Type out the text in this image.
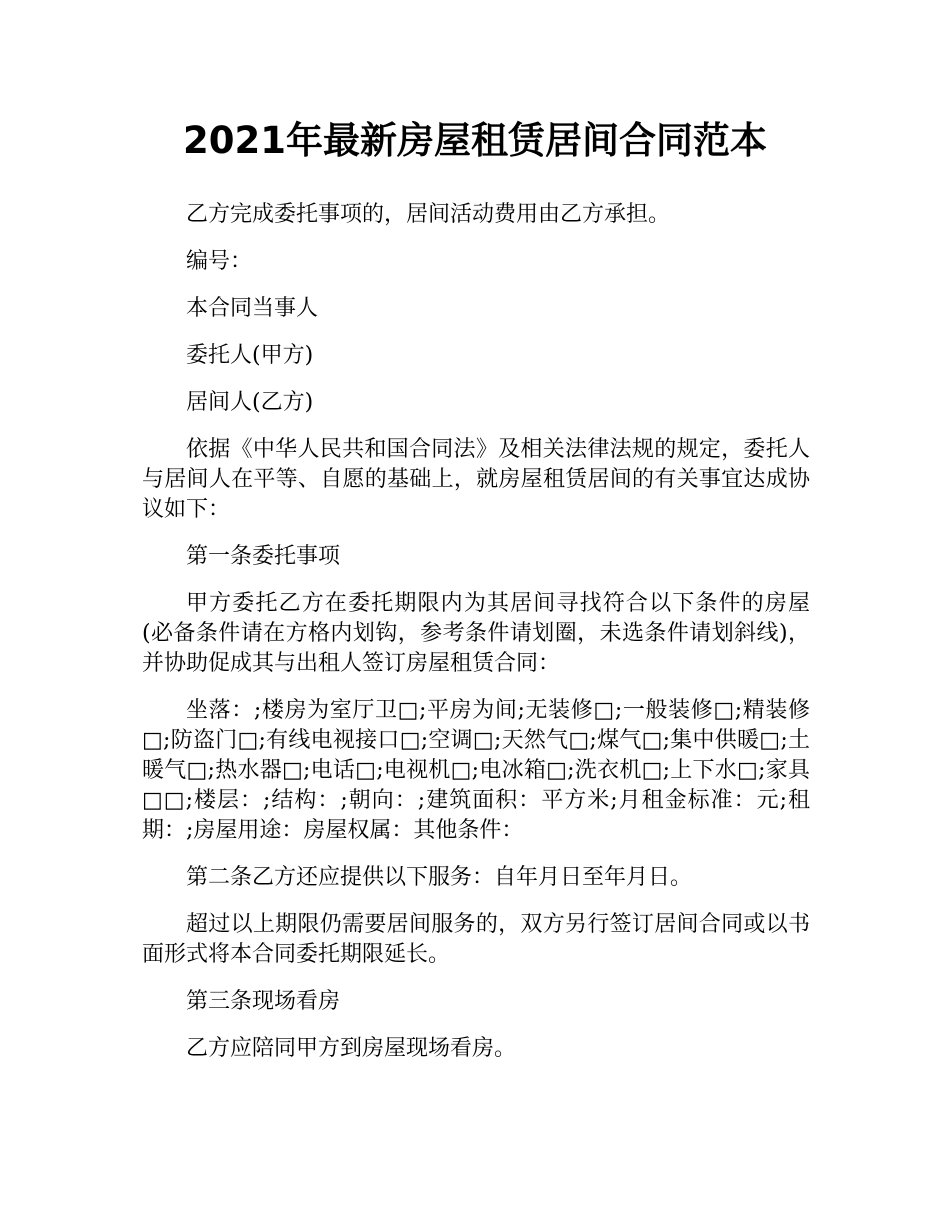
2021年最新房屋租赁居间合同范本

乙方完成委托事项的，居间活动费用由乙方承担。

编号：

本合同当事人

委托人(甲方)

居间人(乙方)

依据《中华人民共和国合同法》及相关法律法规的规定，委托人与居间人在平等、自愿的基础上，就房屋租赁居间的有关事宜达成协议如下：

第一条委托事项

甲方委托乙方在委托期限内为其居间寻找符合以下条件的房屋(必备条件请在方格内划钩，参考条件请划圈，未选条件请划斜线)，并协助促成其与出租人签订房屋租赁合同：

坐落：;楼房为室厅卫□;平房为间;无装修□;一般装修□;精装修□;防盗门□;有线电视接口□;空调□;天然气□;煤气□;集中供暖□;土暖气□;热水器□;电话□;电视机□;电冰箱□;洗衣机□;上下水□;家具□□;楼层：;结构：;朝向：;建筑面积：平方米;月租金标准：元;租期：;房屋用途：房屋权属：其他条件：

第二条乙方还应提供以下服务：自年月日至年月日。

超过以上期限仍需要居间服务的，双方另行签订居间合同或以书面形式将本合同委托期限延长。

第三条现场看房

乙方应陪同甲方到房屋现场看房。
